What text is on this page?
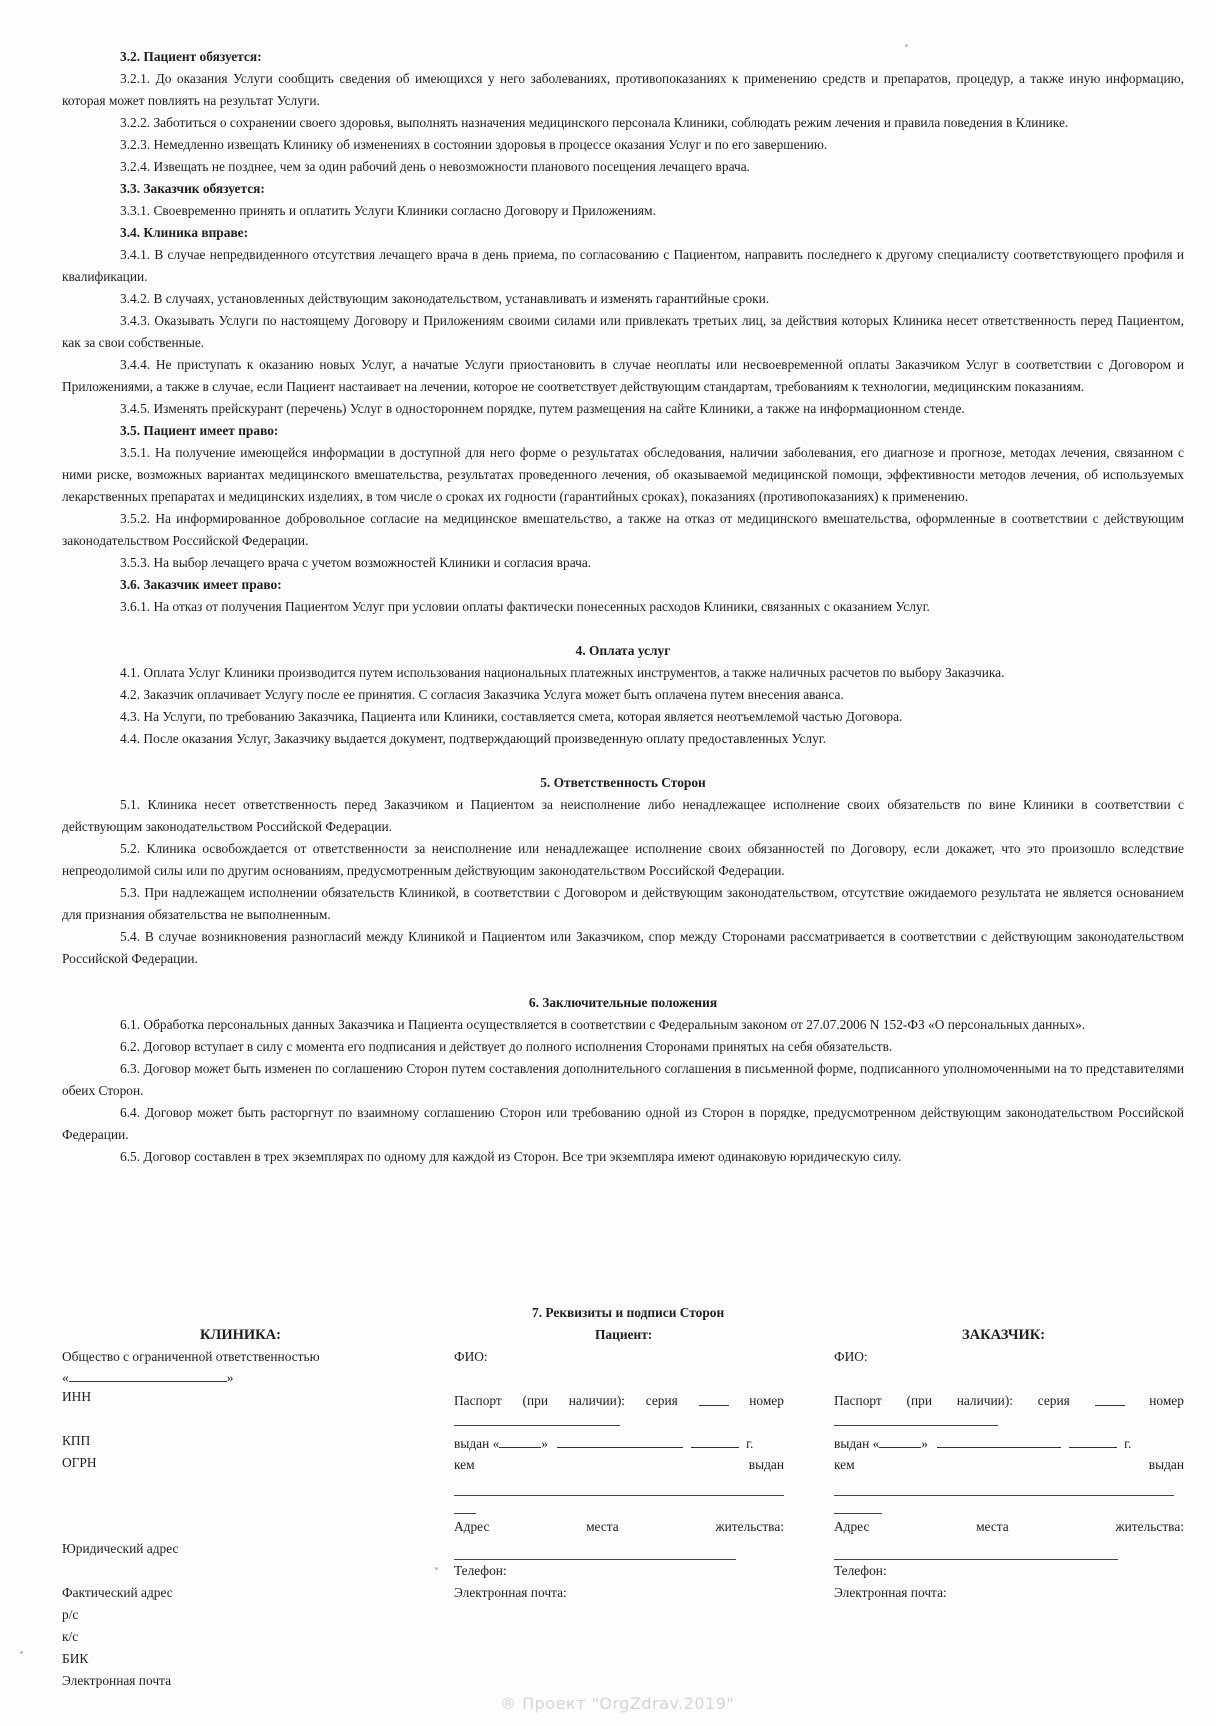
3.2. Пациент обязуется:
3.2.1. До оказания Услуги сообщить сведения об имеющихся у него заболеваниях, противопоказаниях к применению средств и препаратов, процедур, а также иную информацию, которая может повлиять на результат Услуги.
3.2.2. Заботиться о сохранении своего здоровья, выполнять назначения медицинского персонала Клиники, соблюдать режим лечения и правила поведения в Клинике.
3.2.3. Немедленно извещать Клинику об изменениях в состоянии здоровья в процессе оказания Услуг и по его завершению.
3.2.4. Извещать не позднее, чем за один рабочий день о невозможности планового посещения лечащего врача.
3.3. Заказчик обязуется:
3.3.1. Своевременно принять и оплатить Услуги Клиники согласно Договору и Приложениям.
3.4. Клиника вправе:
3.4.1. В случае непредвиденного отсутствия лечащего врача в день приема, по согласованию с Пациентом, направить последнего к другому специалисту соответствующего профиля и квалификации.
3.4.2. В случаях, установленных действующим законодательством, устанавливать и изменять гарантийные сроки.
3.4.3. Оказывать Услуги по настоящему Договору и Приложениям своими силами или привлекать третьих лиц, за действия которых Клиника несет ответственность перед Пациентом, как за свои собственные.
3.4.4. Не приступать к оказанию новых Услуг, а начатые Услуги приостановить в случае неоплаты или несвоевременной оплаты Заказчиком Услуг в соответствии с Договором и Приложениями, а также в случае, если Пациент настаивает на лечении, которое не соответствует действующим стандартам, требованиям к технологии, медицинским показаниям.
3.4.5. Изменять прейскурант (перечень) Услуг в одностороннем порядке, путем размещения на сайте Клиники, а также на информационном стенде.
3.5. Пациент имеет право:
3.5.1. На получение имеющейся информации в доступной для него форме о результатах обследования, наличии заболевания, его диагнозе и прогнозе, методах лечения, связанном с ними риске, возможных вариантах медицинского вмешательства, результатах проведенного лечения, об оказываемой медицинской помощи, эффективности методов лечения, об используемых лекарственных препаратах и медицинских изделиях, в том числе о сроках их годности (гарантийных сроках), показаниях (противопоказаниях) к применению.
3.5.2. На информированное добровольное согласие на медицинское вмешательство, а также на отказ от медицинского вмешательства, оформленные в соответствии с действующим законодательством Российской Федерации.
3.5.3. На выбор лечащего врача с учетом возможностей Клиники и согласия врача.
3.6. Заказчик имеет право:
3.6.1. На отказ от получения Пациентом Услуг при условии оплаты фактически понесенных расходов Клиники, связанных с оказанием Услуг.
4. Оплата услуг
4.1. Оплата Услуг Клиники производится путем использования национальных платежных инструментов, а также наличных расчетов по выбору Заказчика.
4.2. Заказчик оплачивает Услугу после ее принятия. С согласия Заказчика Услуга может быть оплачена путем внесения аванса.
4.3. На Услуги, по требованию Заказчика, Пациента или Клиники, составляется смета, которая является неотъемлемой частью Договора.
4.4. После оказания Услуг, Заказчику выдается документ, подтверждающий произведенную оплату предоставленных Услуг.
5. Ответственность Сторон
5.1. Клиника несет ответственность перед Заказчиком и Пациентом за неисполнение либо ненадлежащее исполнение своих обязательств по вине Клиники в соответствии с действующим законодательством Российской Федерации.
5.2. Клиника освобождается от ответственности за неисполнение или ненадлежащее исполнение своих обязанностей по Договору, если докажет, что это произошло вследствие непреодолимой силы или по другим основаниям, предусмотренным действующим законодательством Российской Федерации.
5.3. При надлежащем исполнении обязательств Клиникой, в соответствии с Договором и действующим законодательством, отсутствие ожидаемого результата не является основанием для признания обязательства не выполненным.
5.4. В случае возникновения разногласий между Клиникой и Пациентом или Заказчиком, спор между Сторонами рассматривается в соответствии с действующим законодательством Российской Федерации.
6. Заключительные положения
6.1. Обработка персональных данных Заказчика и Пациента осуществляется в соответствии с Федеральным законом от 27.07.2006 N 152-ФЗ «О персональных данных».
6.2. Договор вступает в силу с момента его подписания и действует до полного исполнения Сторонами принятых на себя обязательств.
6.3. Договор может быть изменен по соглашению Сторон путем составления дополнительного соглашения в письменной форме, подписанного уполномоченными на то представителями обеих Сторон.
6.4. Договор может быть расторгнут по взаимному соглашению Сторон или требованию одной из Сторон в порядке, предусмотренном действующим законодательством Российской Федерации.
6.5. Договор составлен в трех экземплярах по одному для каждой из Сторон. Все три экземпляра имеют одинаковую юридическую силу.
7. Реквизиты и подписи Сторон
КЛИНИКА:
Общество с ограниченной ответственностью
«	»
ИНН
КПП
ОГРН
Юридический адрес
Фактический адрес
р/с
к/с
БИК
Электронная почта
Пациент:
ФИО:
Паспорт (при наличии): серия	номер
выдан «	»	г.
кем	выдан
Адрес	места	жительства:
Телефон:
Электронная почта:
ЗАКАЗЧИК:
ФИО:
Паспорт (при наличии): серия	номер
выдан «	»	г.
кем	выдан
Адрес	места	жительства:
Телефон:
Электронная почта:
® Проект "OrgZdrav.2019"
